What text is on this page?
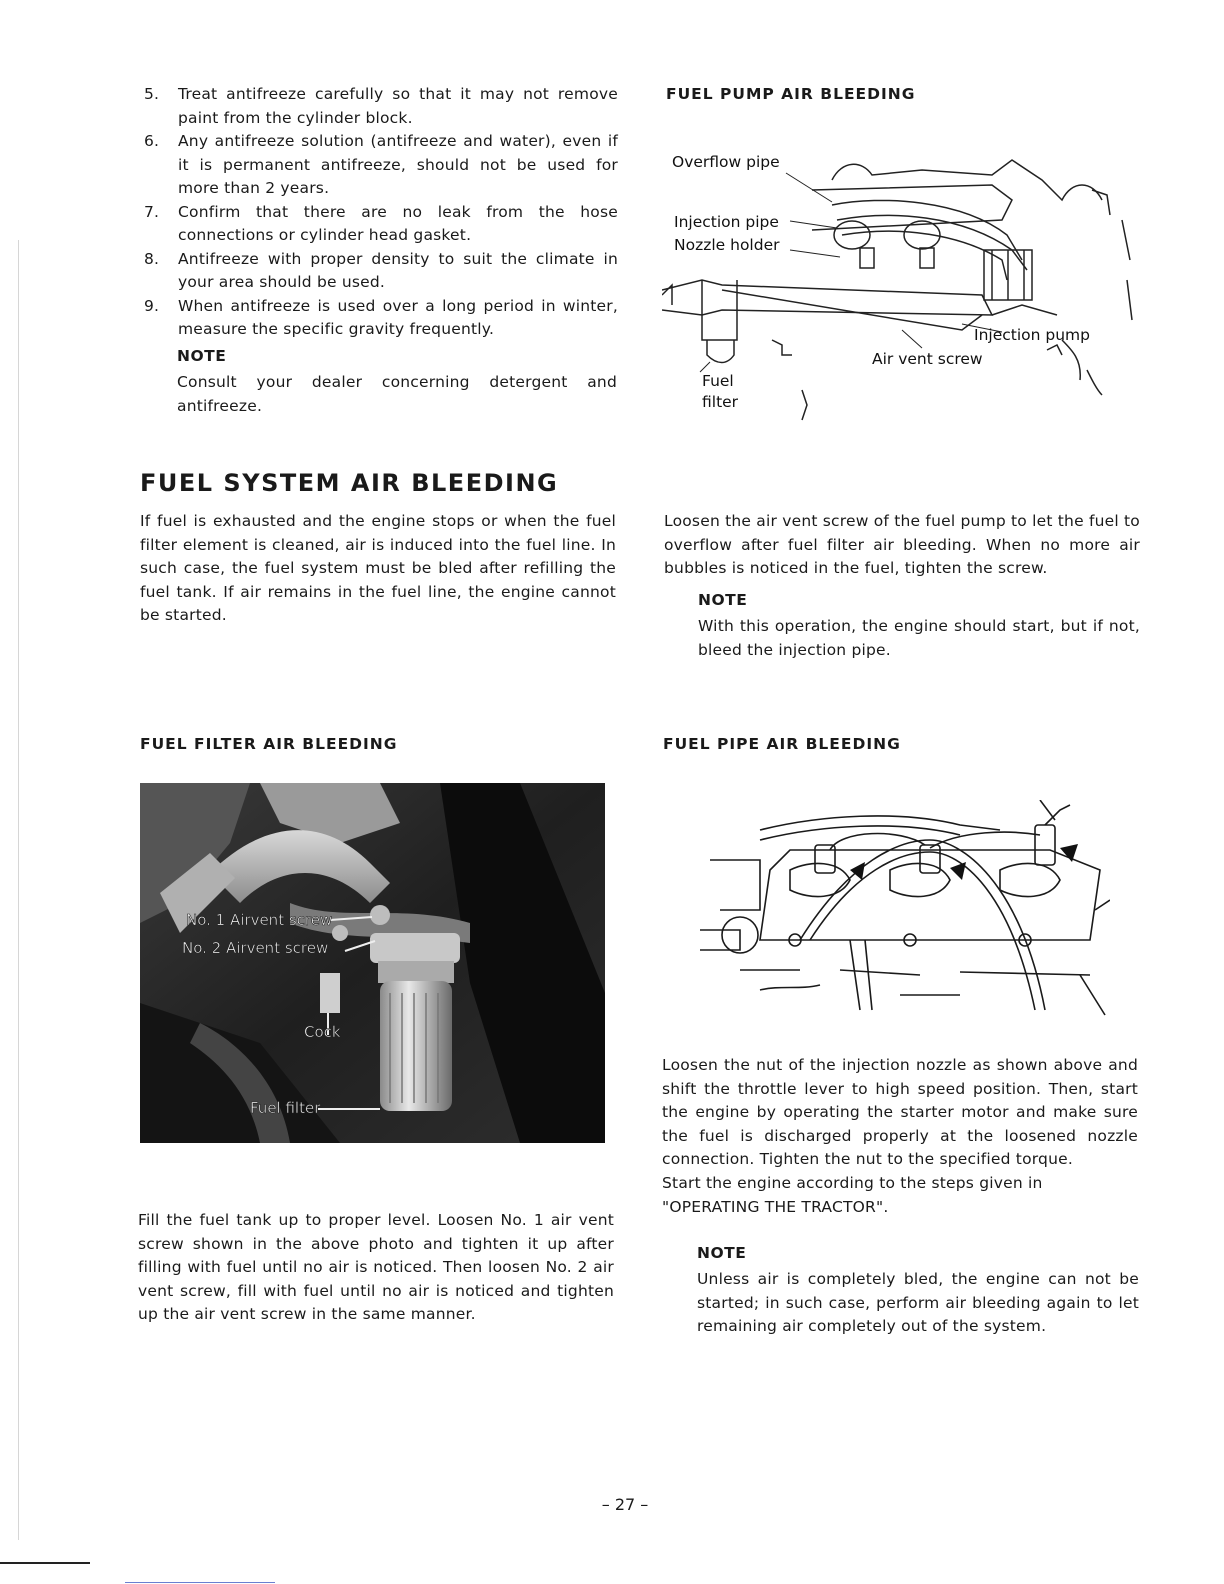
5. Treat antifreeze carefully so that it may not remove paint from the cylinder block.
6. Any antifreeze solution (antifreeze and water), even if it is permanent antifreeze, should not be used for more than 2 years.
7. Confirm that there are no leak from the hose connections or cylinder head gasket.
8. Antifreeze with proper density to suit the climate in your area should be used.
9. When antifreeze is used over a long period in winter, measure the specific gravity frequently.
NOTE
Consult your dealer concerning detergent and antifreeze.
FUEL SYSTEM AIR BLEEDING
If fuel is exhausted and the engine stops or when the fuel filter element is cleaned, air is induced into the fuel line. In such case, the fuel system must be bled after refilling the fuel tank. If air remains in the fuel line, the engine cannot be started.
FUEL FILTER AIR BLEEDING
No. 1 Airvent screw
No. 2 Airvent screw
Cock
Fuel filter
Fill the fuel tank up to proper level. Loosen No. 1 air vent screw shown in the above photo and tighten it up after filling with fuel until no air is noticed. Then loosen No. 2 air vent screw, fill with fuel until no air is noticed and tighten up the air vent screw in the same manner.
FUEL PUMP AIR BLEEDING
Overflow pipe
Injection pipe
Nozzle holder
Injection pump
Air vent screw
Fuel
filter
Loosen the air vent screw of the fuel pump to let the fuel to overflow after fuel filter air bleeding. When no more air bubbles is noticed in the fuel, tighten the screw.
NOTE
With this operation, the engine should start, but if not, bleed the injection pipe.
FUEL PIPE AIR BLEEDING
Loosen the nut of the injection nozzle as shown above and shift the throttle lever to high speed position. Then, start the engine by operating the starter motor and make sure the fuel is discharged properly at the loosened nozzle connection. Tighten the nut to the specified torque.
Start the engine according to the steps given in "OPERATING THE TRACTOR".
NOTE
Unless air is completely bled, the engine can not be started; in such case, perform air bleeding again to let remaining air completely out of the system.
– 27 –
